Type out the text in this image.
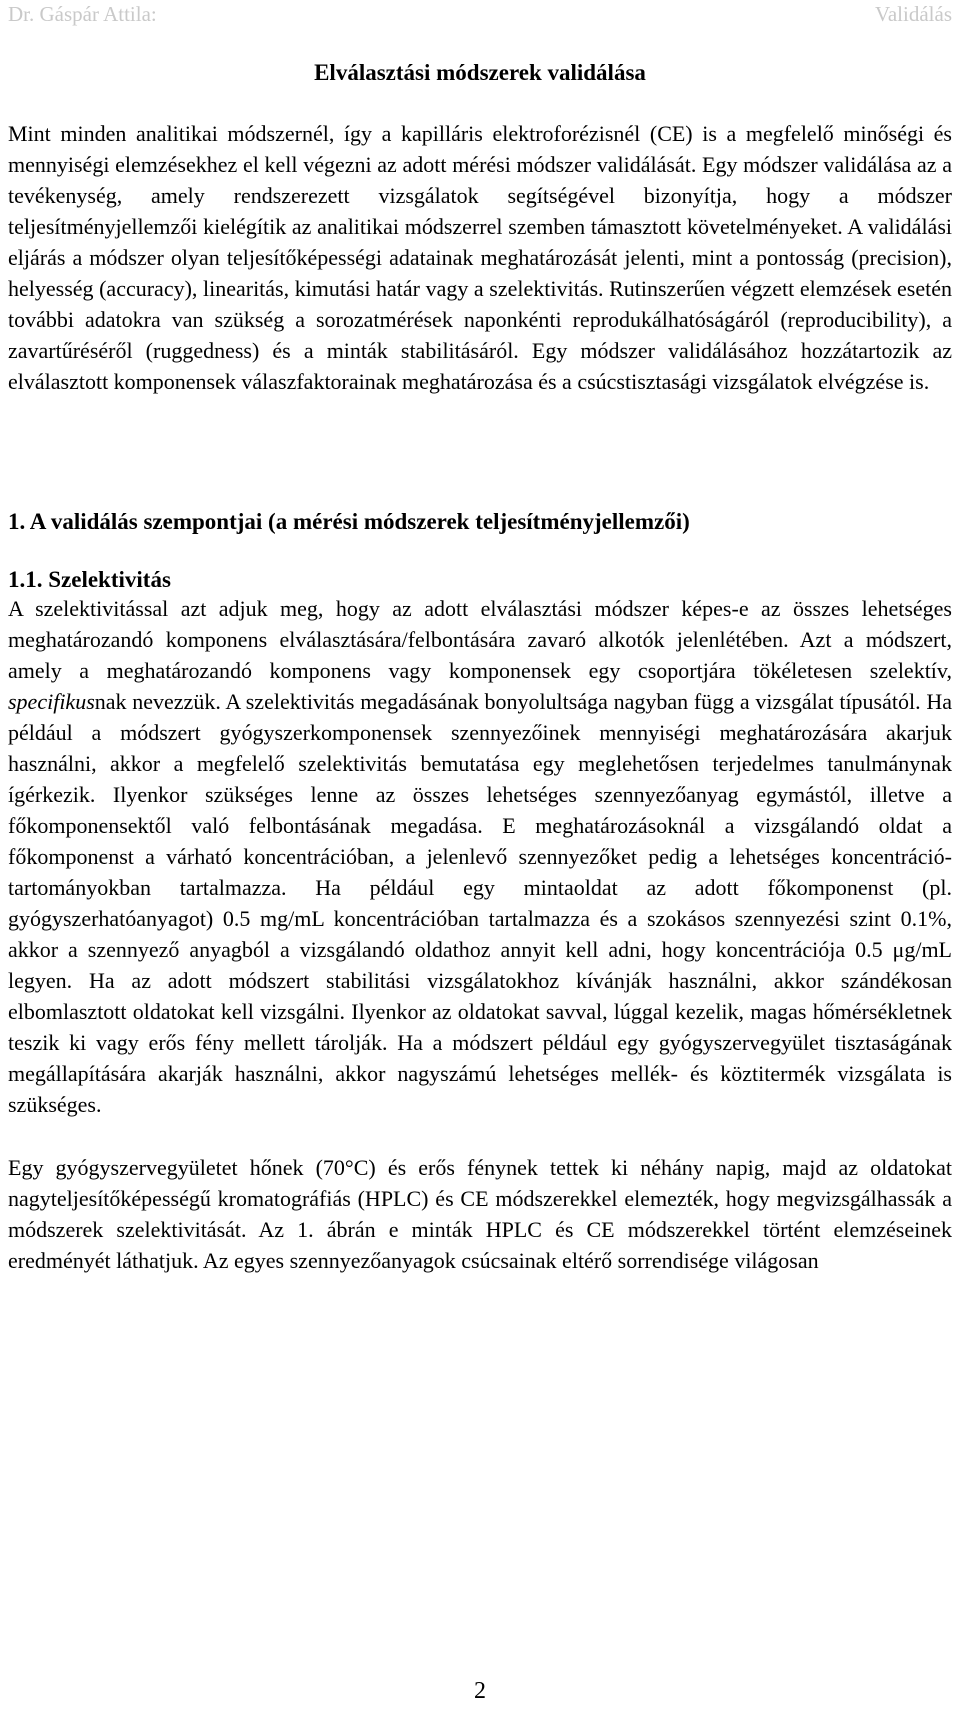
Dr. Gáspár Attila:	Validálás
Elválasztási módszerek validálása
Mint minden analitikai módszernél, így a kapilláris elektroforézisnél (CE) is a megfelelő minőségi és mennyiségi elemzésekhez el kell végezni az adott mérési módszer validálását. Egy módszer validálása az a tevékenység, amely rendszerezett vizsgálatok segítségével bizonyítja, hogy a módszer teljesítményjellemzői kielégítik az analitikai módszerrel szemben támasztott követelményeket. A validálási eljárás a módszer olyan teljesítőképességi adatainak meghatározását jelenti, mint a pontosság (precision), helyesség (accuracy), linearitás, kimutási határ vagy a szelektivitás. Rutinszerűen végzett elemzések esetén további adatokra van szükség a sorozatmérések naponkénti reprodukálhatóságáról (reproducibility), a zavartűréséről (ruggedness) és a minták stabilitásáról. Egy módszer validálásához hozzátartozik az elválasztott komponensek válaszfaktorainak meghatározása és a csúcstisztasági vizsgálatok elvégzése is.
1. A validálás szempontjai (a mérési módszerek teljesítményjellemzői)
1.1. Szelektivitás
A szelektivitással azt adjuk meg, hogy az adott elválasztási módszer képes-e az összes lehetséges meghatározandó komponens elválasztására/felbontására zavaró alkotók jelenlétében. Azt a módszert, amely a meghatározandó komponens vagy komponensek egy csoportjára tökéletesen szelektív, specifikusnak nevezzük. A szelektivitás megadásának bonyolultsága nagyban függ a vizsgálat típusától. Ha például a módszert gyógyszerkomponensek szennyezőinek mennyiségi meghatározására akarjuk használni, akkor a megfelelő szelektivitás bemutatása egy meglehetősen terjedelmes tanulmánynak ígérkezik. Ilyenkor szükséges lenne az összes lehetséges szennyezőanyag egymástól, illetve a főkomponensektől való felbontásának megadása. E meghatározásoknál a vizsgálandó oldat a főkomponenst a várható koncentrációban, a jelenlevő szennyezőket pedig a lehetséges koncentráció-tartományokban tartalmazza. Ha például egy mintaoldat az adott főkomponenst (pl. gyógyszerhatóanyagot) 0.5 mg/mL koncentrációban tartalmazza és a szokásos szennyezési szint 0.1%, akkor a szennyező anyagból a vizsgálandó oldathoz annyit kell adni, hogy koncentrációja 0.5 μg/mL legyen. Ha az adott módszert stabilitási vizsgálatokhoz kívánják használni, akkor szándékosan elbomlasztott oldatokat kell vizsgálni. Ilyenkor az oldatokat savval, lúggal kezelik, magas hőmérsékletnek teszik ki vagy erős fény mellett tárolják. Ha a módszert például egy gyógyszervegyület tisztaságának megállapítására akarják használni, akkor nagyszámú lehetséges mellék- és köztitermék vizsgálata is szükséges.
Egy gyógyszervegyületet hőnek (70°C) és erős fénynek tettek ki néhány napig, majd az oldatokat nagyteljesítőképességű kromatográfiás (HPLC) és CE módszerekkel elemezték, hogy megvizsgálhassák a módszerek szelektivitását. Az 1. ábrán e minták HPLC és CE módszerekkel történt elemzéseinek eredményét láthatjuk. Az egyes szennyezőanyagok csúcsainak eltérő sorrendisége világosan
2
